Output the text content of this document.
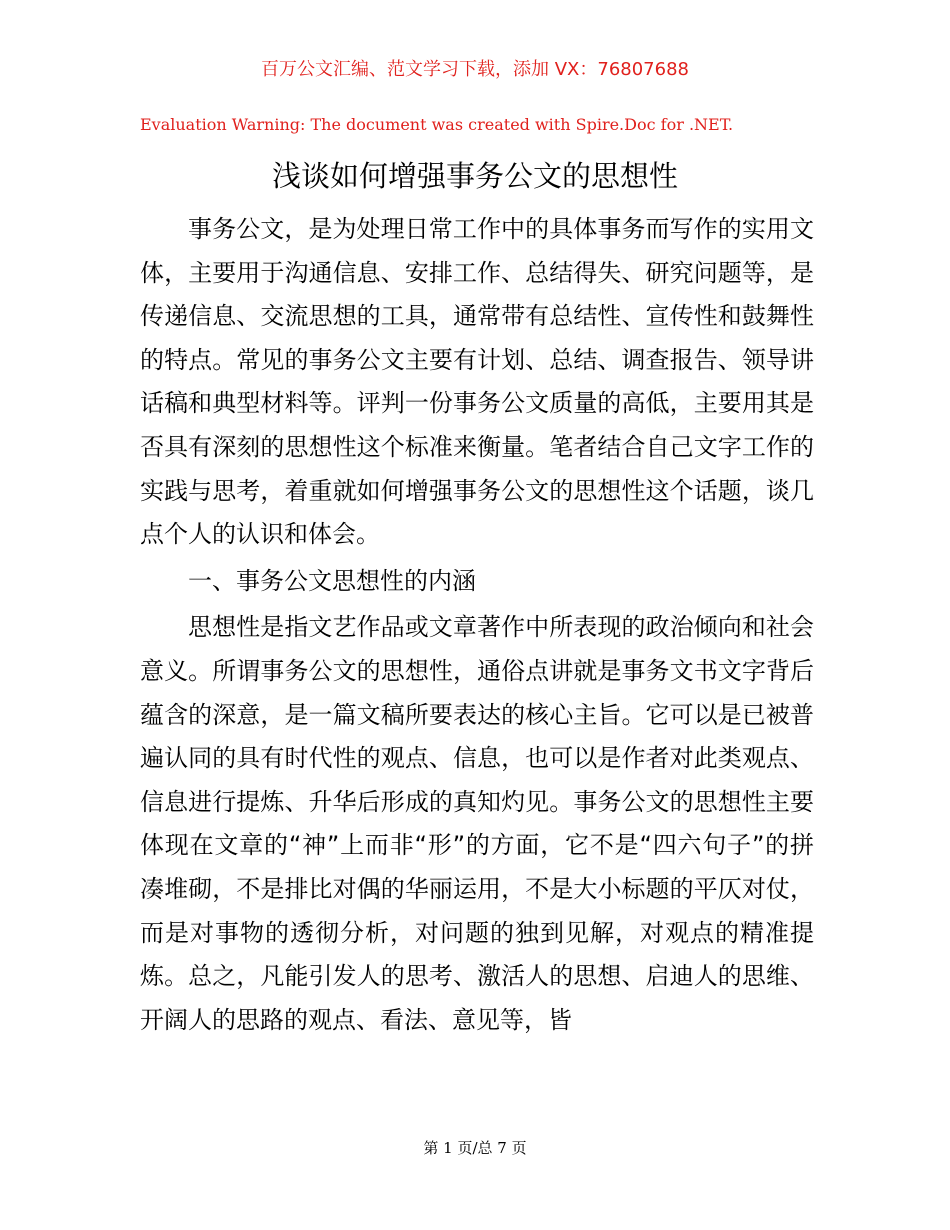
百万公文汇编、范文学习下载，添加 VX：76807688
Evaluation Warning: The document was created with Spire.Doc for .NET.
浅谈如何增强事务公文的思想性

事务公文，是为处理日常工作中的具体事务而写作的实用文体，主要用于沟通信息、安排工作、总结得失、研究问题等，是传递信息、交流思想的工具，通常带有总结性、宣传性和鼓舞性的特点。常见的事务公文主要有计划、总结、调查报告、领导讲话稿和典型材料等。评判一份事务公文质量的高低，主要用其是否具有深刻的思想性这个标准来衡量。笔者结合自己文字工作的实践与思考，着重就如何增强事务公文的思想性这个话题，谈几点个人的认识和体会。

一、事务公文思想性的内涵

思想性是指文艺作品或文章著作中所表现的政治倾向和社会意义。所谓事务公文的思想性，通俗点讲就是事务文书文字背后蕴含的深意，是一篇文稿所要表达的核心主旨。它可以是已被普遍认同的具有时代性的观点、信息，也可以是作者对此类观点、信息进行提炼、升华后形成的真知灼见。事务公文的思想性主要体现在文章的“神”上而非“形”的方面，它不是“四六句子”的拼凑堆砌，不是排比对偶的华丽运用，不是大小标题的平仄对仗，而是对事物的透彻分析，对问题的独到见解，对观点的精准提炼。总之，凡能引发人的思考、激活人的思想、启迪人的思维、开阔人的思路的观点、看法、意见等，皆

第 1 页/总 7 页
